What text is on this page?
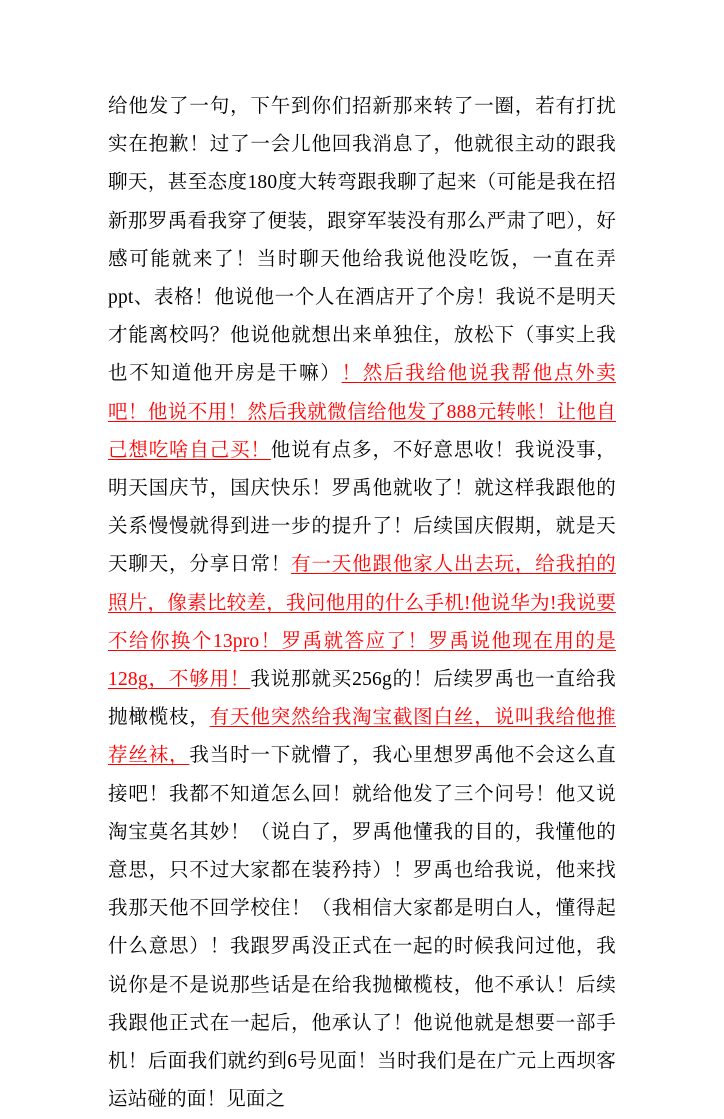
给他发了一句，下午到你们招新那来转了一圈，若有打扰实在抱歉！过了一会儿他回我消息了，他就很主动的跟我聊天，甚至态度180度大转弯跟我聊了起来（可能是我在招新那罗禹看我穿了便装，跟穿军装没有那么严肃了吧），好感可能就来了！当时聊天他给我说他没吃饭，一直在弄ppt、表格！他说他一个人在酒店开了个房！我说不是明天才能离校吗？他说他就想出来单独住，放松下（事实上我也不知道他开房是干嘛）！然后我给他说我帮他点外卖吧！他说不用！然后我就微信给他发了888元转帐！让他自己想吃啥自己买！他说有点多，不好意思收！我说没事，明天国庆节，国庆快乐！罗禹他就收了！就这样我跟他的关系慢慢就得到进一步的提升了！后续国庆假期，就是天天聊天，分享日常！有一天他跟他家人出去玩，给我拍的照片，像素比较差，我问他用的什么手机!他说华为!我说要不给你换个13pro！罗禹就答应了！罗禹说他现在用的是128g，不够用！我说那就买256g的！后续罗禹也一直给我抛橄榄枝，有天他突然给我淘宝截图白丝，说叫我给他推荐丝袜，我当时一下就懵了，我心里想罗禹他不会这么直接吧！我都不知道怎么回！就给他发了三个问号！他又说淘宝莫名其妙！（说白了，罗禹他懂我的目的，我懂他的意思，只不过大家都在装矜持）！罗禹也给我说，他来找我那天他不回学校住！（我相信大家都是明白人，懂得起什么意思）！我跟罗禹没正式在一起的时候我问过他，我说你是不是说那些话是在给我抛橄榄枝，他不承认！后续我跟他正式在一起后，他承认了！他说他就是想要一部手机！后面我们就约到6号见面！当时我们是在广元上西坝客运站碰的面！见面之
